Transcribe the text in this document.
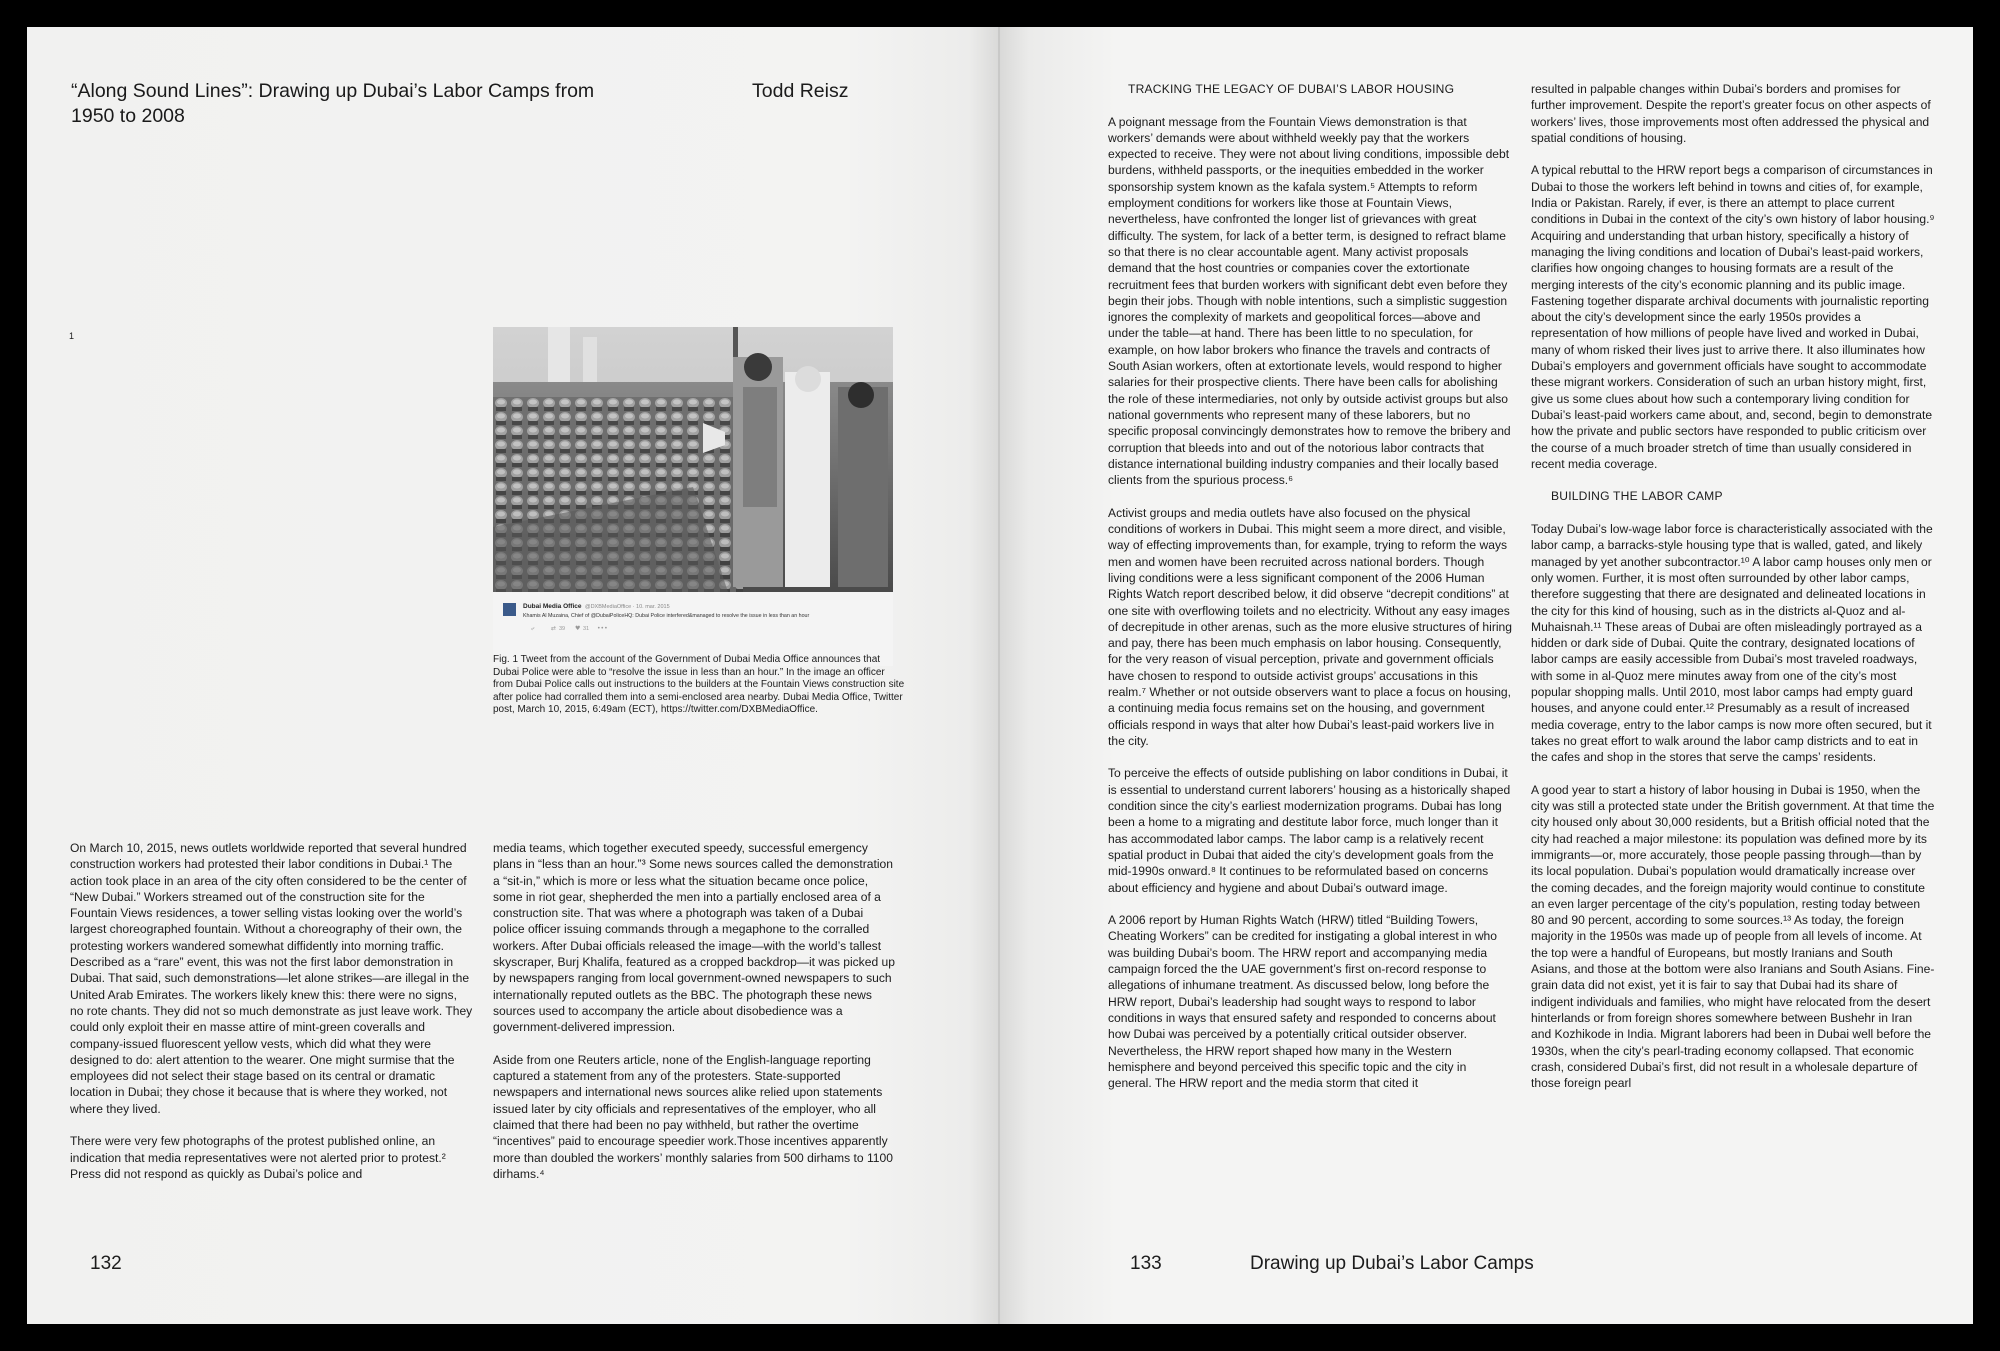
“Along Sound Lines”: Drawing up Dubai’s Labor Camps from 1950 to 2008
Todd Reisz
1
Dubai Media Office @DXBMediaOffice · 10. mar. 2015
Khamis Al Muzaina, Chief of @DubaiPoliceHQ: Dubai Police interfered&managed to resolve the issue in less than an hour
⤶	⇄ 39 ♥ 31 •••

Fig. 1 Tweet from the account of the Government of Dubai Media Office announces that Dubai Police were able to “resolve the issue in less than an hour.” In the image an officer from Dubai Police calls out instructions to the builders at the Fountain Views construction site after police had corralled them into a semi-enclosed area nearby. Dubai Media Office, Twitter post, March 10, 2015, 6:49am (ECT), https://twitter.com/DXBMediaOffice.

On March 10, 2015, news outlets worldwide reported that several hundred construction workers had protested their labor conditions in Dubai.¹ The action took place in an area of the city often considered to be the center of “New Dubai.” Workers streamed out of the construction site for the Fountain Views residences, a tower selling vistas looking over the world’s largest choreographed fountain. Without a choreography of their own, the protesting workers wandered somewhat diffidently into morning traffic. Described as a “rare” event, this was not the first labor demonstration in Dubai. That said, such demonstrations—let alone strikes—are illegal in the United Arab Emirates. The workers likely knew this: there were no signs, no rote chants. They did not so much demonstrate as just leave work. They could only exploit their en masse attire of mint-green coveralls and company-issued fluorescent yellow vests, which did what they were designed to do: alert attention to the wearer. One might surmise that the employees did not select their stage based on its central or dramatic location in Dubai; they chose it because that is where they worked, not where they lived.

There were very few photographs of the protest published online, an indication that media representatives were not alerted prior to protest.² Press did not respond as quickly as Dubai’s police and

media teams, which together executed speedy, successful emergency plans in “less than an hour.”³ Some news sources called the demonstration a “sit-in,” which is more or less what the situation became once police, some in riot gear, shepherded the men into a partially enclosed area of a construction site. That was where a photograph was taken of a Dubai police officer issuing commands through a megaphone to the corralled workers. After Dubai officials released the image—with the world’s tallest skyscraper, Burj Khalifa, featured as a cropped backdrop—it was picked up by newspapers ranging from local government-owned newspapers to such internationally reputed outlets as the BBC. The photograph these news sources used to accompany the article about disobedience was a government-delivered impression.

Aside from one Reuters article, none of the English-language reporting captured a statement from any of the protesters. State-supported newspapers and international news sources alike relied upon statements issued later by city officials and representatives of the employer, who all claimed that there had been no pay withheld, but rather the overtime “incentives” paid to encourage speedier work.Those incentives apparently more than doubled the workers’ monthly salaries from 500 dirhams to 1100 dirhams.⁴

132
TRACKING THE LEGACY OF DUBAI’S LABOR HOUSING

A poignant message from the Fountain Views demonstration is that workers’ demands were about withheld weekly pay that the workers expected to receive. They were not about living conditions, impossible debt burdens, withheld passports, or the inequities embedded in the worker sponsorship system known as the kafala system.⁵ Attempts to reform employment conditions for workers like those at Fountain Views, nevertheless, have confronted the longer list of grievances with great difficulty. The system, for lack of a better term, is designed to refract blame so that there is no clear accountable agent. Many activist proposals demand that the host countries or companies cover the extortionate recruitment fees that burden workers with significant debt even before they begin their jobs. Though with noble intentions, such a simplistic suggestion ignores the complexity of markets and geopolitical forces—above and under the table—at hand. There has been little to no speculation, for example, on how labor brokers who finance the travels and contracts of South Asian workers, often at extortionate levels, would respond to higher salaries for their prospective clients. There have been calls for abolishing the role of these intermediaries, not only by outside activist groups but also national governments who represent many of these laborers, but no specific proposal convincingly demonstrates how to remove the bribery and corruption that bleeds into and out of the notorious labor contracts that distance international building industry companies and their locally based clients from the spurious process.⁶

Activist groups and media outlets have also focused on the physical conditions of workers in Dubai. This might seem a more direct, and visible, way of effecting improvements than, for example, trying to reform the ways men and women have been recruited across national borders. Though living conditions were a less significant component of the 2006 Human Rights Watch report described below, it did observe “decrepit conditions” at one site with overflowing toilets and no electricity. Without any easy images of decrepitude in other arenas, such as the more elusive structures of hiring and pay, there has been much emphasis on labor housing. Consequently, for the very reason of visual perception, private and government officials have chosen to respond to outside activist groups’ accusations in this realm.⁷ Whether or not outside observers want to place a focus on housing, a continuing media focus remains set on the housing, and government officials respond in ways that alter how Dubai’s least-paid workers live in the city.

To perceive the effects of outside publishing on labor conditions in Dubai, it is essential to understand current laborers’ housing as a historically shaped condition since the city’s earliest modernization programs. Dubai has long been a home to a migrating and destitute labor force, much longer than it has accommodated labor camps. The labor camp is a relatively recent spatial product in Dubai that aided the city’s development goals from the mid-1990s onward.⁸ It continues to be reformulated based on concerns about efficiency and hygiene and about Dubai’s outward image.

A 2006 report by Human Rights Watch (HRW) titled “Building Towers, Cheating Workers” can be credited for instigating a global interest in who was building Dubai’s boom. The HRW report and accompanying media campaign forced the the UAE government’s first on-record response to allegations of inhumane treatment. As discussed below, long before the HRW report, Dubai’s leadership had sought ways to respond to labor conditions in ways that ensured safety and responded to concerns about how Dubai was perceived by a potentially critical outsider observer. Nevertheless, the HRW report shaped how many in the Western hemisphere and beyond perceived this specific topic and the city in general. The HRW report and the media storm that cited it

resulted in palpable changes within Dubai’s borders and promises for further improvement. Despite the report’s greater focus on other aspects of workers’ lives, those improvements most often addressed the physical and spatial conditions of housing.

A typical rebuttal to the HRW report begs a comparison of circumstances in Dubai to those the workers left behind in towns and cities of, for example, India or Pakistan. Rarely, if ever, is there an attempt to place current conditions in Dubai in the context of the city’s own history of labor housing.⁹ Acquiring and understanding that urban history, specifically a history of managing the living conditions and location of Dubai’s least-paid workers, clarifies how ongoing changes to housing formats are a result of the merging interests of the city’s economic planning and its public image. Fastening together disparate archival documents with journalistic reporting about the city’s development since the early 1950s provides a representation of how millions of people have lived and worked in Dubai, many of whom risked their lives just to arrive there. It also illuminates how Dubai’s employers and government officials have sought to accommodate these migrant workers. Consideration of such an urban history might, first, give us some clues about how such a contemporary living condition for Dubai’s least-paid workers came about, and, second, begin to demonstrate how the private and public sectors have responded to public criticism over the course of a much broader stretch of time than usually considered in recent media coverage.

BUILDING THE LABOR CAMP

Today Dubai’s low-wage labor force is characteristically associated with the labor camp, a barracks-style housing type that is walled, gated, and likely managed by yet another subcontractor.¹⁰ A labor camp houses only men or only women. Further, it is most often surrounded by other labor camps, therefore suggesting that there are designated and delineated locations in the city for this kind of housing, such as in the districts al-Quoz and al-Muhaisnah.¹¹ These areas of Dubai are often misleadingly portrayed as a hidden or dark side of Dubai. Quite the contrary, designated locations of labor camps are easily accessible from Dubai’s most traveled roadways, with some in al-Quoz mere minutes away from one of the city’s most popular shopping malls. Until 2010, most labor camps had empty guard houses, and anyone could enter.¹² Presumably as a result of increased media coverage, entry to the labor camps is now more often secured, but it takes no great effort to walk around the labor camp districts and to eat in the cafes and shop in the stores that serve the camps’ residents.

A good year to start a history of labor housing in Dubai is 1950, when the city was still a protected state under the British government. At that time the city housed only about 30,000 residents, but a British official noted that the city had reached a major milestone: its population was defined more by its immigrants—or, more accurately, those people passing through—than by its local population. Dubai’s population would dramatically increase over the coming decades, and the foreign majority would continue to constitute an even larger percentage of the city’s population, resting today between 80 and 90 percent, according to some sources.¹³ As today, the foreign majority in the 1950s was made up of people from all levels of income. At the top were a handful of Europeans, but mostly Iranians and South Asians, and those at the bottom were also Iranians and South Asians. Fine-grain data did not exist, yet it is fair to say that Dubai had its share of indigent individuals and families, who might have relocated from the desert hinterlands or from foreign shores somewhere between Bushehr in Iran and Kozhikode in India. Migrant laborers had been in Dubai well before the 1930s, when the city’s pearl-trading economy collapsed. That economic crash, considered Dubai’s first, did not result in a wholesale departure of those foreign pearl

133	Drawing up Dubai’s Labor Camps
